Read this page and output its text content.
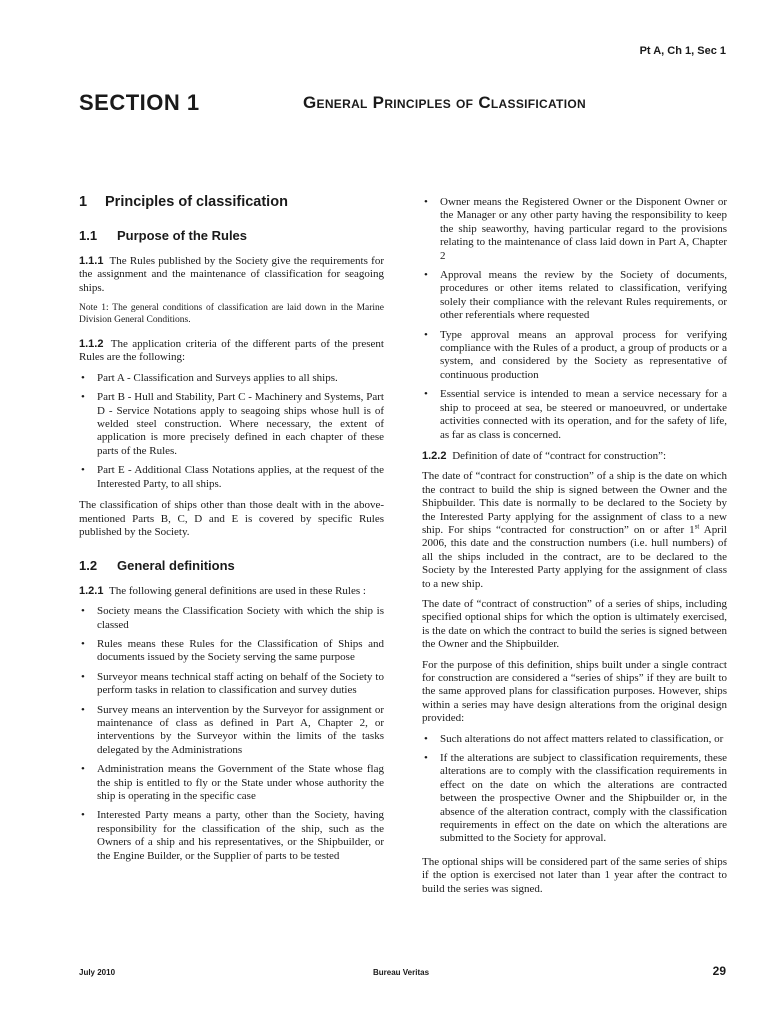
Pt A, Ch 1, Sec 1
SECTION 1	General Principles of Classification
1 Principles of classification
1.1 Purpose of the Rules

1.1.1 The Rules published by the Society give the requirements for the assignment and the maintenance of classification for seagoing ships.

Note 1: The general conditions of classification are laid down in the Marine Division General Conditions.

1.1.2 The application criteria of the different parts of the present Rules are the following:

• Part A - Classification and Surveys applies to all ships.
• Part B - Hull and Stability, Part C - Machinery and Systems, Part D - Service Notations apply to seagoing ships whose hull is of welded steel construction. Where necessary, the extent of application is more precisely defined in each chapter of these parts of the Rules.
• Part E - Additional Class Notations applies, at the request of the Interested Party, to all ships.

The classification of ships other than those dealt with in the above-mentioned Parts B, C, D and E is covered by specific Rules published by the Society.

1.2 General definitions

1.2.1 The following general definitions are used in these Rules :

• Society means the Classification Society with which the ship is classed
• Rules means these Rules for the Classification of Ships and documents issued by the Society serving the same purpose
• Surveyor means technical staff acting on behalf of the Society to perform tasks in relation to classification and survey duties
• Survey means an intervention by the Surveyor for assignment or maintenance of class as defined in Part A, Chapter 2, or interventions by the Surveyor within the limits of the tasks delegated by the Administrations
• Administration means the Government of the State whose flag the ship is entitled to fly or the State under whose authority the ship is operating in the specific case
• Interested Party means a party, other than the Society, having responsibility for the classification of the ship, such as the Owners of a ship and his representatives, or the Shipbuilder, or the Engine Builder, or the Supplier of parts to be tested
• Owner means the Registered Owner or the Disponent Owner or the Manager or any other party having the responsibility to keep the ship seaworthy, having particular regard to the provisions relating to the maintenance of class laid down in Part A, Chapter 2
• Approval means the review by the Society of documents, procedures or other items related to classification, verifying solely their compliance with the relevant Rules requirements, or other referentials where requested
• Type approval means an approval process for verifying compliance with the Rules of a product, a group of products or a system, and considered by the Society as representative of continuous production
• Essential service is intended to mean a service necessary for a ship to proceed at sea, be steered or manoeuvred, or undertake activities connected with its operation, and for the safety of life, as far as class is concerned.

1.2.2 Definition of date of “contract for construction”:

The date of “contract for construction” of a ship is the date on which the contract to build the ship is signed between the Owner and the Shipbuilder. This date is normally to be declared to the Society by the Interested Party applying for the assignment of class to a new ship. For ships “contracted for construction” on or after 1st April 2006, this date and the construction numbers (i.e. hull numbers) of all the ships included in the contract, are to be declared to the Society by the Interested Party applying for the assignment of class to a new ship.

The date of “contract of construction” of a series of ships, including specified optional ships for which the option is ultimately exercised, is the date on which the contract to build the series is signed between the Owner and the Shipbuilder.

For the purpose of this definition, ships built under a single contract for construction are considered a “series of ships” if they are built to the same approved plans for classification purposes. However, ships within a series may have design alterations from the original design provided:

• Such alterations do not affect matters related to classification, or
• If the alterations are subject to classification requirements, these alterations are to comply with the classification requirements in effect on the date on which the alterations are contracted between the prospective Owner and the Shipbuilder or, in the absence of the alteration contract, comply with the classification requirements in effect on the date on which the alterations are submitted to the Society for approval.

The optional ships will be considered part of the same series of ships if the option is exercised not later than 1 year after the contract to build the series was signed.

July 2010	Bureau Veritas	29
